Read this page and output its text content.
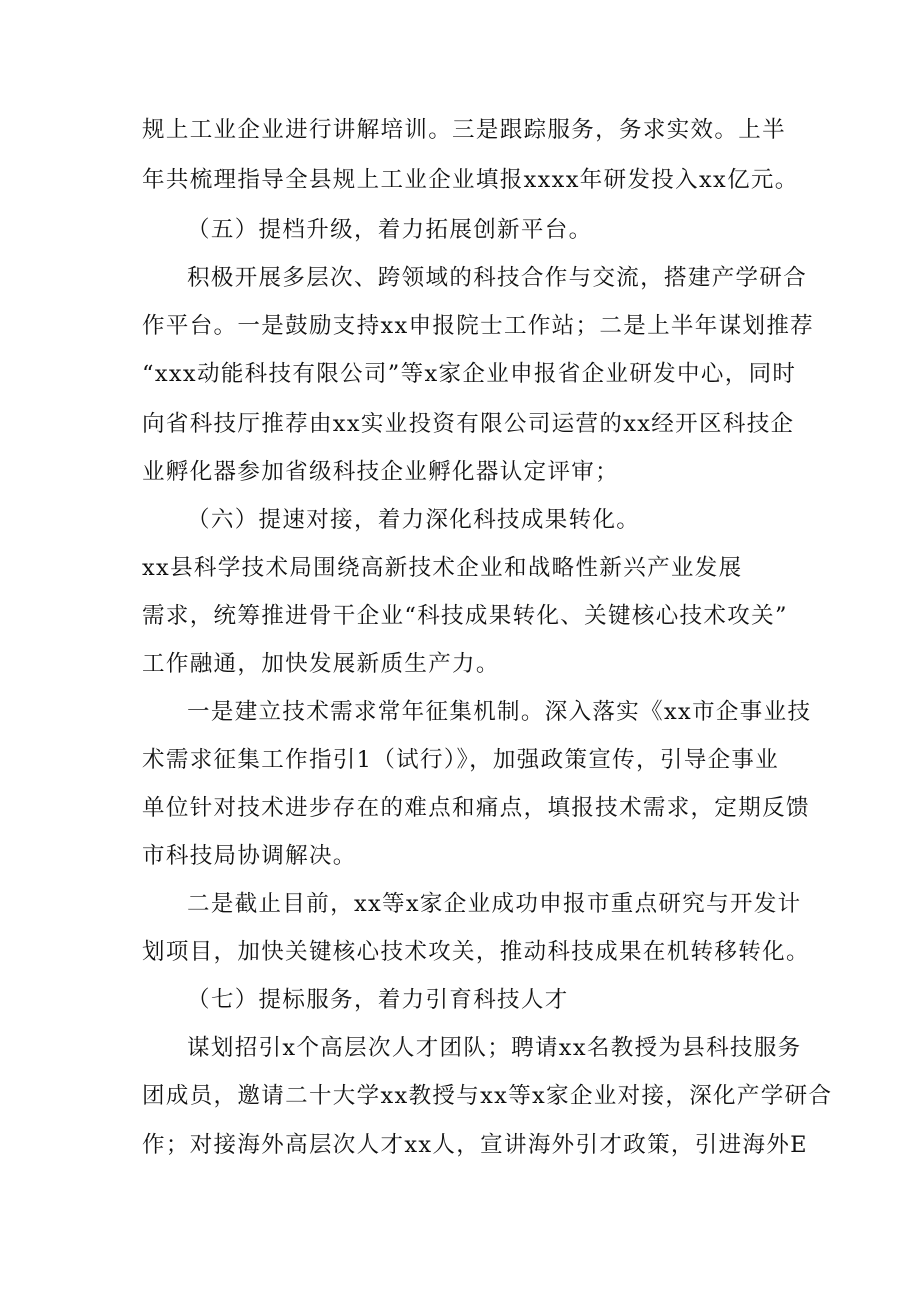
规上工业企业进行讲解培训。三是跟踪服务，务求实效。上半

年共梳理指导全县规上工业企业填报xxxx年研发投入xx亿元。

（五）提档升级，着力拓展创新平台。

积极开展多层次、跨领域的科技合作与交流，搭建产学研合

作平台。一是鼓励支持xx申报院士工作站；二是上半年谋划推荐

“xxx动能科技有限公司”等x家企业申报省企业研发中心，同时

向省科技厅推荐由xx实业投资有限公司运营的xx经开区科技企

业孵化器参加省级科技企业孵化器认定评审；

（六）提速对接，着力深化科技成果转化。

xx县科学技术局围绕高新技术企业和战略性新兴产业发展

需求，统筹推进骨干企业“科技成果转化、关键核心技术攻关”

工作融通，加快发展新质生产力。

一是建立技术需求常年征集机制。深入落实《xx市企事业技

术需求征集工作指引1（试行）》，加强政策宣传，引导企事业

单位针对技术进步存在的难点和痛点，填报技术需求，定期反馈

市科技局协调解决。

二是截止目前，xx等x家企业成功申报市重点研究与开发计

划项目，加快关键核心技术攻关，推动科技成果在机转移转化。

（七）提标服务，着力引育科技人才

谋划招引x个高层次人才团队；聘请xx名教授为县科技服务

团成员，邀请二十大学xx教授与xx等x家企业对接，深化产学研合

作；对接海外高层次人才xx人，宣讲海外引才政策，引进海外E
